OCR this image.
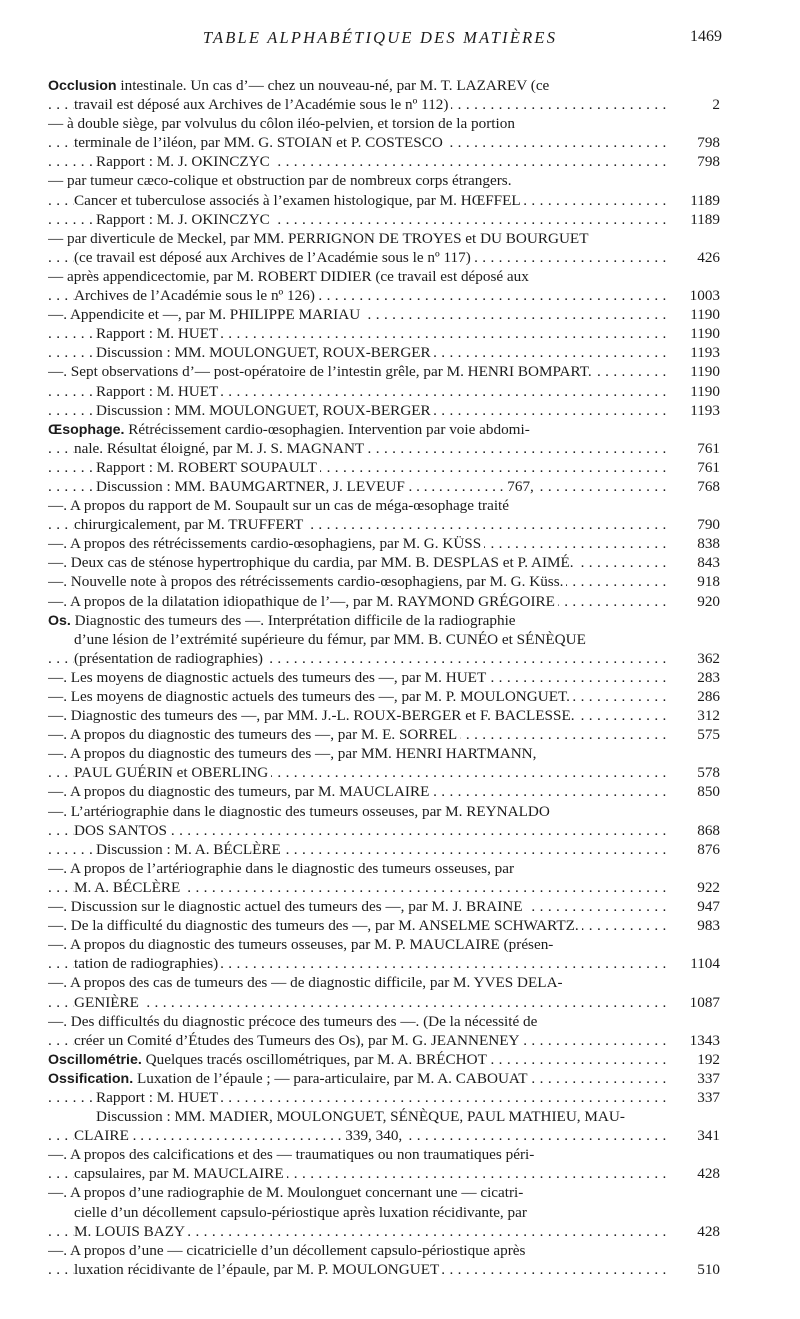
TABLE ALPHABÉTIQUE DES MATIÈRES	1469
Occlusion intestinale. Un cas d’— chez un nouveau-né, par M. T. LAZAREV (ce
. . . travail est déposé aux Archives de l’Académie sous le nº 112)	2
— à double siège, par volvulus du côlon iléo-pelvien, et torsion de la portion
. . . terminale de l’iléon, par MM. G. STOIAN et P. COSTESCO	798
. . . Rapport : M. J. OKINCZYC	798
— par tumeur cæco-colique et obstruction par de nombreux corps étrangers.
. . . Cancer et tuberculose associés à l’examen histologique, par M. HŒFFEL	1189
. . . Rapport : M. J. OKINCZYC	1189
— par diverticule de Meckel, par MM. PERRIGNON DE TROYES et DU BOURGUET
. . . (ce travail est déposé aux Archives de l’Académie sous le nº 117)	426
— après appendicectomie, par M. ROBERT DIDIER (ce travail est déposé aux
. . . Archives de l’Académie sous le nº 126)	1003
. . . —. Appendicite et —, par M. PHILIPPE MARIAU	1190
. . . Rapport : M. HUET	1190
. . . Discussion : MM. MOULONGUET, ROUX-BERGER	1193
. . . —. Sept observations d’— post-opératoire de l’intestin grêle, par M. HENRI BOMPART.	1190
. . . Rapport : M. HUET	1190
. . . Discussion : MM. MOULONGUET, ROUX-BERGER	1193
Œsophage. Rétrécissement cardio-œsophagien. Intervention par voie abdomi-
. . . nale. Résultat éloigné, par M. J. S. MAGNANT	761
. . . Rapport : M. ROBERT SOUPAULT	761
. . . Discussion : MM. BAUMGARTNER, J. LEVEUF . . . . . . . . . . . . . 767,	768
—. A propos du rapport de M. Soupault sur un cas de méga-œsophage traité
. . . chirurgicalement, par M. TRUFFERT	790
. . . —. A propos des rétrécissements cardio-œsophagiens, par M. G. KÜSS	838
. . . —. Deux cas de sténose hypertrophique du cardia, par MM. B. DESPLAS et P. AIMÉ.	843
. . . —. Nouvelle note à propos des rétrécissements cardio-œsophagiens, par M. G. Küss.	918
. . . —. A propos de la dilatation idiopathique de l’—, par M. RAYMOND GRÉGOIRE	920
Os. Diagnostic des tumeurs des —. Interprétation difficile de la radiographie
d’une lésion de l’extrémité supérieure du fémur, par MM. B. CUNÉO et SÉNÈQUE
. . . (présentation de radiographies)	362
. . . —. Les moyens de diagnostic actuels des tumeurs des —, par M. HUET	283
. . . —. Les moyens de diagnostic actuels des tumeurs des —, par M. P. MOULONGUET.	286
. . . —. Diagnostic des tumeurs des —, par MM. J.-L. ROUX-BERGER et F. BACLESSE.	312
. . . —. A propos du diagnostic des tumeurs des —, par M. E. SORREL	575
—. A propos du diagnostic des tumeurs des —, par MM. HENRI HARTMANN,
. . . PAUL GUÉRIN et OBERLING	578
. . . —. A propos du diagnostic des tumeurs, par M. MAUCLAIRE	850
—. L’artériographie dans le diagnostic des tumeurs osseuses, par M. REYNALDO
. . . DOS SANTOS	868
. . . Discussion : M. A. BÉCLÈRE	876
—. A propos de l’artériographie dans le diagnostic des tumeurs osseuses, par
. . . M. A. BÉCLÈRE	922
. . . —. Discussion sur le diagnostic actuel des tumeurs des —, par M. J. BRAINE	947
. . . —. De la difficulté du diagnostic des tumeurs des —, par M. ANSELME SCHWARTZ.	983
—. A propos du diagnostic des tumeurs osseuses, par M. P. MAUCLAIRE (présen-
. . . tation de radiographies)	1104
—. A propos des cas de tumeurs des — de diagnostic difficile, par M. YVES DELA-
. . . GENIÈRE	1087
—. Des difficultés du diagnostic précoce des tumeurs des —. (De la nécessité de
. . . créer un Comité d’Études des Tumeurs des Os), par M. G. JEANNENEY	1343
. . . Oscillométrie. Quelques tracés oscillométriques, par M. A. BRÉCHOT	192
. . . Ossification. Luxation de l’épaule ; — para-articulaire, par M. A. CABOUAT	337
. . . Rapport : M. HUET	337
Discussion : MM. MADIER, MOULONGUET, SÉNÈQUE, PAUL MATHIEU, MAU-
. . . CLAIRE . . . . . . . . . . . . . . . . . . . . . . . . . . . . 339, 340,	341
—. A propos des calcifications et des — traumatiques ou non traumatiques péri-
. . . capsulaires, par M. MAUCLAIRE	428
—. A propos d’une radiographie de M. Moulonguet concernant une — cicatri-
cielle d’un décollement capsulo-périostique après luxation récidivante, par
. . . M. LOUIS BAZY	428
—. A propos d’une — cicatricielle d’un décollement capsulo-périostique après
. . . luxation récidivante de l’épaule, par M. P. MOULONGUET	510
